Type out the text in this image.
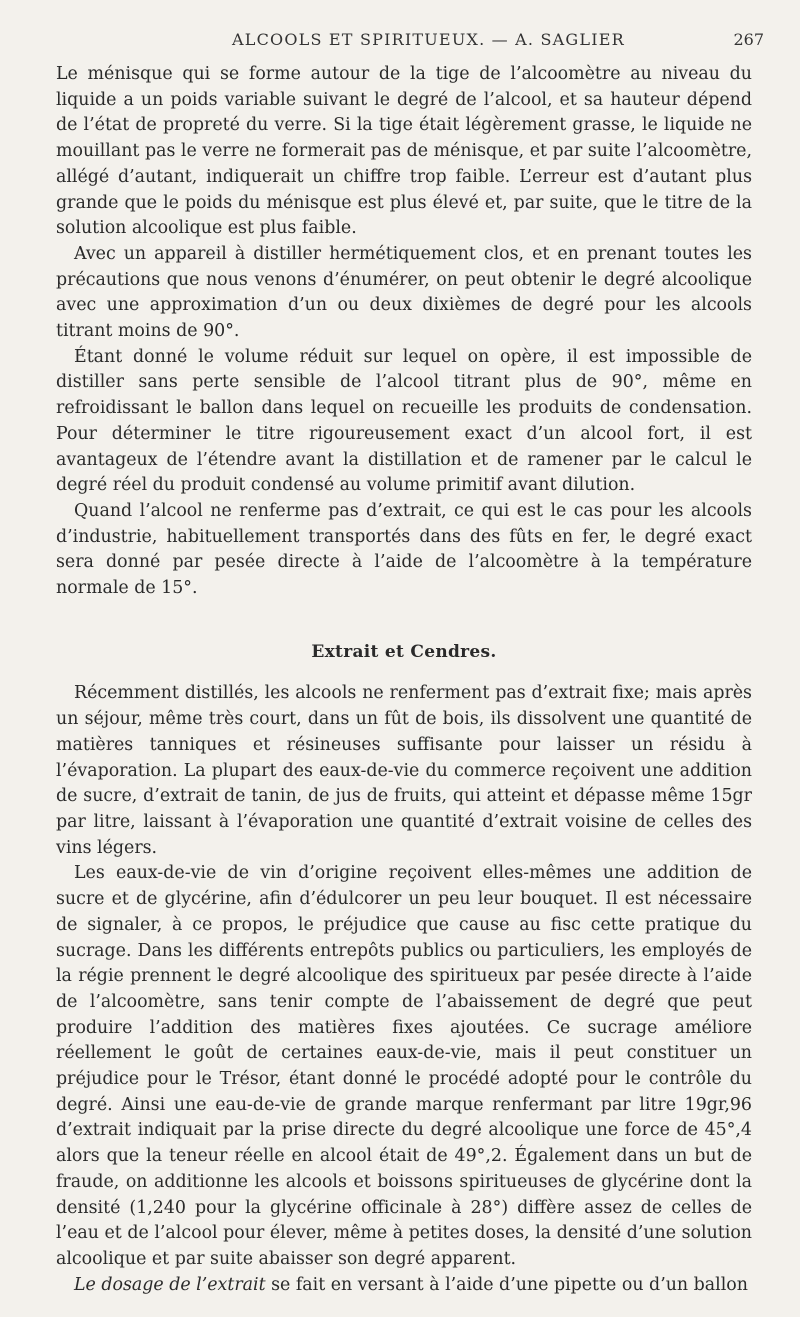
ALCOOLS ET SPIRITUEUX. — A. SAGLIER	267

Le ménisque qui se forme autour de la tige de l’alcoomètre au niveau du liquide a un poids variable suivant le degré de l’alcool, et sa hauteur dépend de l’état de propreté du verre. Si la tige était légèrement grasse, le liquide ne mouillant pas le verre ne formerait pas de ménisque, et par suite l’alcoomètre, allégé d’autant, indiquerait un chiffre trop faible. L’erreur est d’autant plus grande que le poids du ménisque est plus élevé et, par suite, que le titre de la solution alcoolique est plus faible.

Avec un appareil à distiller hermétiquement clos, et en prenant toutes les précautions que nous venons d’énumérer, on peut obtenir le degré alcoolique avec une approximation d’un ou deux dixièmes de degré pour les alcools titrant moins de 90°.

Étant donné le volume réduit sur lequel on opère, il est impossible de distiller sans perte sensible de l’alcool titrant plus de 90°, même en refroidissant le ballon dans lequel on recueille les produits de condensation. Pour déterminer le titre rigoureusement exact d’un alcool fort, il est avantageux de l’étendre avant la distillation et de ramener par le calcul le degré réel du produit condensé au volume primitif avant dilution.

Quand l’alcool ne renferme pas d’extrait, ce qui est le cas pour les alcools d’industrie, habituellement transportés dans des fûts en fer, le degré exact sera donné par pesée directe à l’aide de l’alcoomètre à la température normale de 15°.

Extrait et Cendres.

Récemment distillés, les alcools ne renferment pas d’extrait fixe; mais après un séjour, même très court, dans un fût de bois, ils dissolvent une quantité de matières tanniques et résineuses suffisante pour laisser un résidu à l’évaporation. La plupart des eaux-de-vie du commerce reçoivent une addition de sucre, d’extrait de tanin, de jus de fruits, qui atteint et dépasse même 15gr par litre, laissant à l’évaporation une quantité d’extrait voisine de celles des vins légers.

Les eaux-de-vie de vin d’origine reçoivent elles-mêmes une addition de sucre et de glycérine, afin d’édulcorer un peu leur bouquet. Il est nécessaire de signaler, à ce propos, le préjudice que cause au fisc cette pratique du sucrage. Dans les différents entrepôts publics ou particuliers, les employés de la régie prennent le degré alcoolique des spiritueux par pesée directe à l’aide de l’alcoomètre, sans tenir compte de l’abaissement de degré que peut produire l’addition des matières fixes ajoutées. Ce sucrage améliore réellement le goût de certaines eaux-de-vie, mais il peut constituer un préjudice pour le Trésor, étant donné le procédé adopté pour le contrôle du degré. Ainsi une eau-de-vie de grande marque renfermant par litre 19gr,96 d’extrait indiquait par la prise directe du degré alcoolique une force de 45°,4 alors que la teneur réelle en alcool était de 49°,2. Également dans un but de fraude, on additionne les alcools et boissons spiritueuses de glycérine dont la densité (1,240 pour la glycérine officinale à 28°) diffère assez de celles de l’eau et de l’alcool pour élever, même à petites doses, la densité d’une solution alcoolique et par suite abaisser son degré apparent.

Le dosage de l’extrait se fait en versant à l’aide d’une pipette ou d’un ballon
